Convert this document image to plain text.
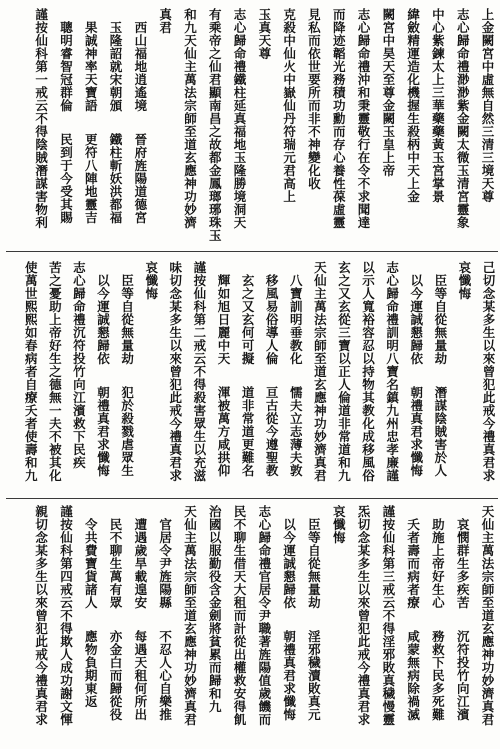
上金闕宮中虛無自然三清三境天尊
志心歸命禮渺渺紫金闕太微玉清宮靈象
中心紫鍊太上三華藥藥黃玉宮掌景
緯斂精運造化機握生殺柄中天上金
闕宮中昊天至尊金闕玉皇上帝
志心歸命禮沖和秉靈敬行在令不求聞達
而降迹韜光務積功勳而存心養性葆虛靈
見私而依世要所而非不神變化收
克殺中仙火中嶽仙丹符瑞元君高上
玉真天尊
志心歸命禮鐵柱延真福地玉隆勝境洞天
有乘帝之仙君顯南昌之故都金鳳瑯琊珠玉
和九天仙主萬法宗師至道玄應神功妙濟
真君
西山福地逍遙境
晉府旌陽道德宮
玉隆詔就宋朝頒
鐵柱斬妖洪都福
果誠神率天寶語
更符八陣地靈吉
聰明睿智冠群倫
民到于今受其賜
謹按仙科第一戒云不得陰賊潛謀害物利
己切念某多生以來曾犯此戒今禮真君求
哀懺悔
臣等自從無量劫
潛謀陰賊害於人
以今運誠懇歸依
朝禮真君求懺悔
志心歸命禮訓明八寶名鎮九州忠孝廉謹
以示人寬裕容忍以持物其教化成移風俗
玄之又玄從三寶以正人倫道非常道和九
天仙主萬法宗師至道玄應神功妙濟真君
八寶訓明垂教化
懦夫立志薄夫敦
移風易俗導人倫
亘古從今遵聖教
玄之又玄何可擬
道非常道更難名
輝如旭日麗中天
渾被萬方咸拱仰
謹按仙科第二戒云不得殺害眾生以充滋
味切念某多生以來曾犯此戒今禮真君求
哀懺悔
臣等自從無量劫
犯於殺戮虐眾生
以今運誠懇歸依
朝禮真君求懺悔
志心歸命禮沉符投竹向江濱救下民疾
苦之憂助上帝好生之德無一夫不被其化
使萬世熙熙如春病者自療夭者使壽和九
天仙主萬法宗師至道玄應神功妙濟真君
哀憫群生多疾苦
沉符投竹向江濱
助施上帝好生心
務救下民多死難
夭者壽而病者療
咸蒙無病除禍滅
謹按仙科第三戒云不得淫邪敗真穢慢靈
炁切念某多生以來曾犯此戒今禮真君求
哀懺悔
臣等自從無量劫
淫邪穢瀆敗真元
以今運誠懇歸依
朝禮真君求懺悔
志心歸命禮官居令尹職著旌陽值歲饑而
民不聊生借天大租而計從出權救安得飢
治國以服勤役含金劍將貧累而歸和九
天仙主萬法宗師至道玄應神功妙濟真君
官居令尹旌陽縣
不忍人心自樂推
遭遇歲旱載遑安
每遇天租何所出
民不聊生萬有眾
亦金白而歸從役
令共費寶貨諸人
應物負期東返
謹按仙科第四戒云不得欺人成功謝文惲
親切念某多生以來曾犯此戒今禮真君求
